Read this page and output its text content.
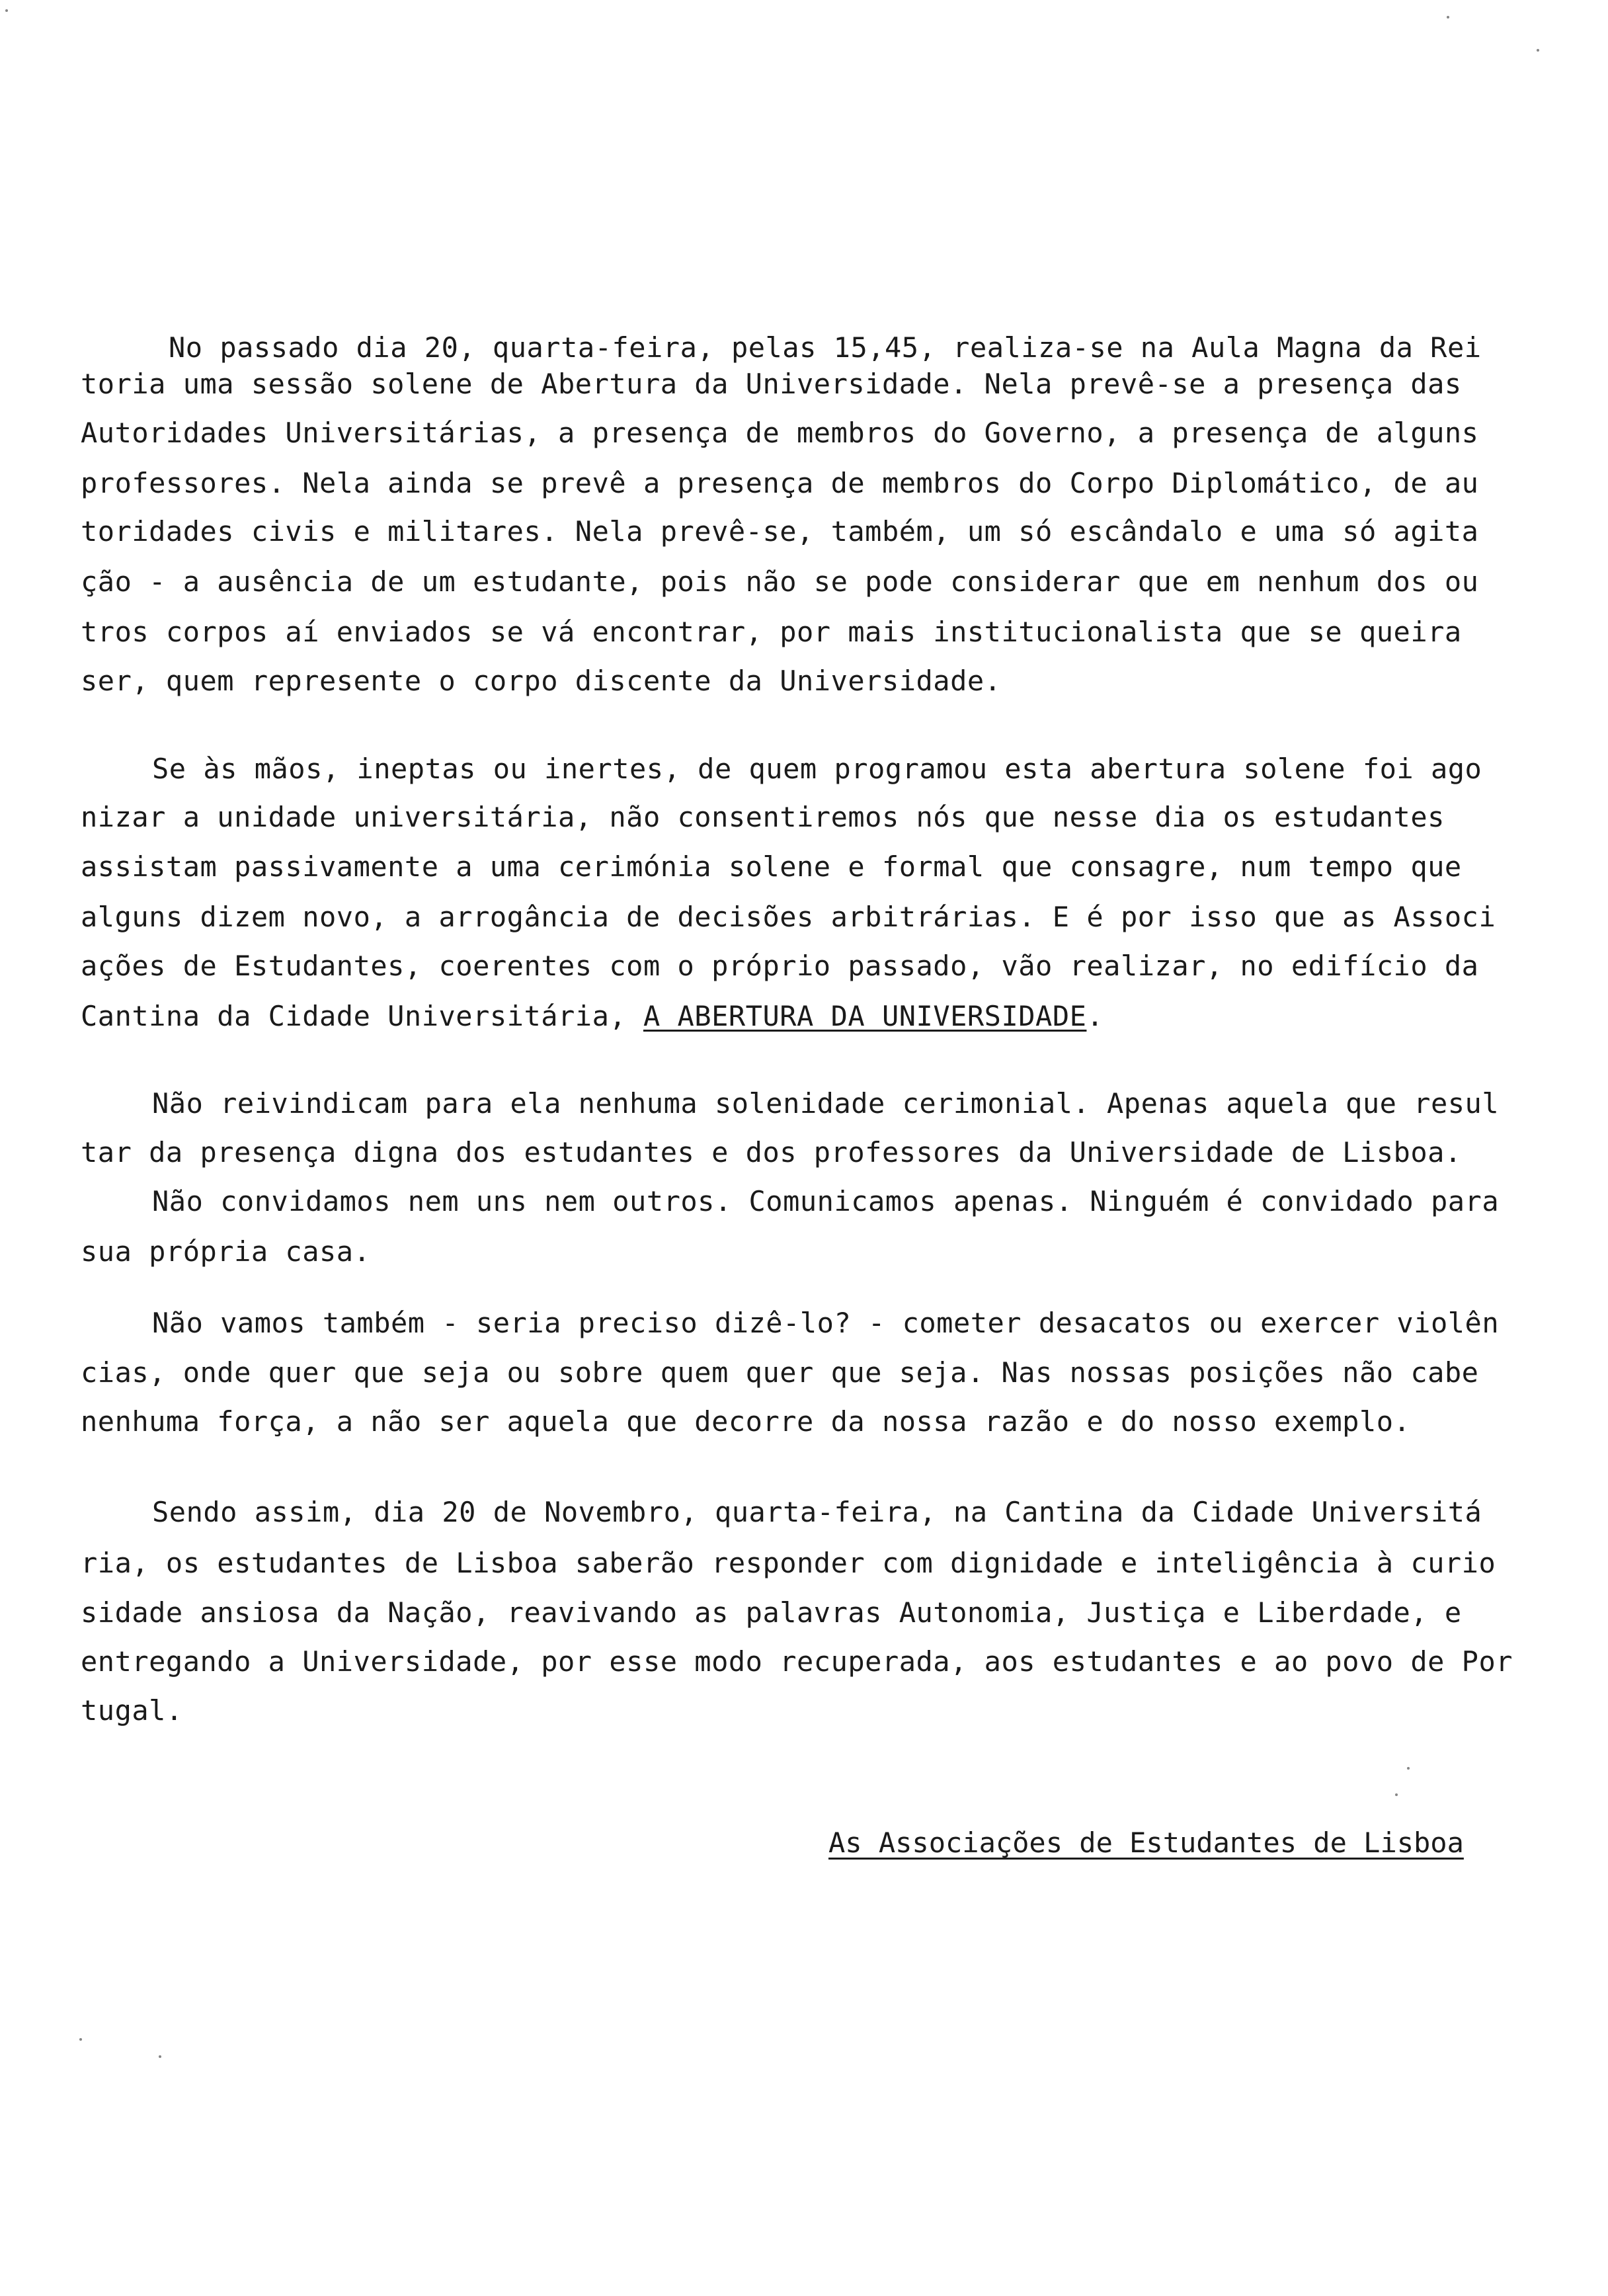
No passado dia 20, quarta-feira, pelas 15,45, realiza-se na Aula Magna da Rei
toria uma sessão solene de Abertura da Universidade. Nela prevê-se a presença das
Autoridades Universitárias, a presença de membros do Governo, a presença de alguns
professores. Nela ainda se prevê a presença de membros do Corpo Diplomático, de au
toridades civis e militares. Nela prevê-se, também, um só escândalo e uma só agita
ção - a ausência de um estudante, pois não se pode considerar que em nenhum dos ou
tros corpos aí enviados se vá encontrar, por mais institucionalista que se queira
ser, quem represente o corpo discente da Universidade.
Se às mãos, ineptas ou inertes, de quem programou esta abertura solene foi ago
nizar a unidade universitária, não consentiremos nós que nesse dia os estudantes
assistam passivamente a uma cerimónia solene e formal que consagre, num tempo que
alguns dizem novo, a arrogância de decisões arbitrárias. E é por isso que as Associ
ações de Estudantes, coerentes com o próprio passado, vão realizar, no edifício da
Cantina da Cidade Universitária, A ABERTURA DA UNIVERSIDADE.
Não reivindicam para ela nenhuma solenidade cerimonial. Apenas aquela que resul
tar da presença digna dos estudantes e dos professores da Universidade de Lisboa.
Não convidamos nem uns nem outros. Comunicamos apenas. Ninguém é convidado para
sua própria casa.
Não vamos também - seria preciso dizê-lo? - cometer desacatos ou exercer violên
cias, onde quer que seja ou sobre quem quer que seja. Nas nossas posições não cabe
nenhuma força, a não ser aquela que decorre da nossa razão e do nosso exemplo.
Sendo assim, dia 20 de Novembro, quarta-feira, na Cantina da Cidade Universitá
ria, os estudantes de Lisboa saberão responder com dignidade e inteligência à curio
sidade ansiosa da Nação, reavivando as palavras Autonomia, Justiça e Liberdade, e
entregando a Universidade, por esse modo recuperada, aos estudantes e ao povo de Por
tugal.
As Associações de Estudantes de Lisboa
